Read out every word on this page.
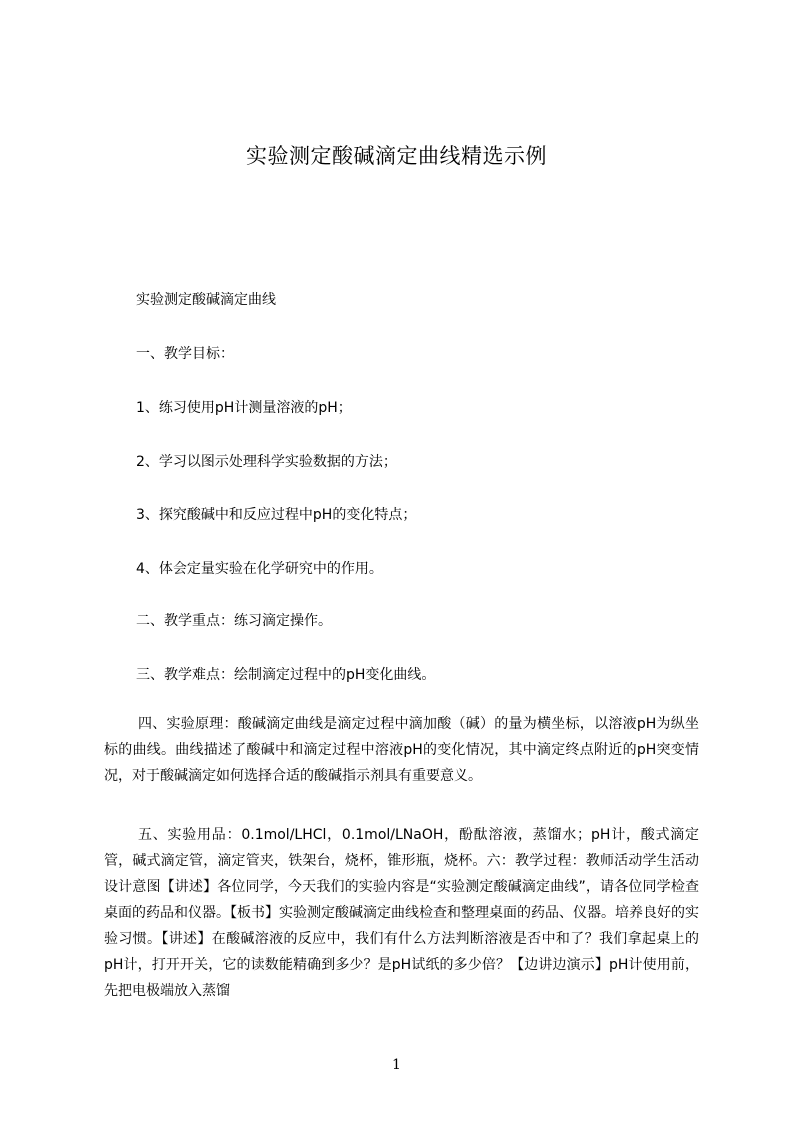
实验测定酸碱滴定曲线精选示例
实验测定酸碱滴定曲线
一、教学目标：
1、练习使用pH计测量溶液的pH；
2、学习以图示处理科学实验数据的方法；
3、探究酸碱中和反应过程中pH的变化特点；
4、体会定量实验在化学研究中的作用。
二、教学重点：练习滴定操作。
三、教学难点：绘制滴定过程中的pH变化曲线。
四、实验原理：酸碱滴定曲线是滴定过程中滴加酸（碱）的量为横坐标，以溶液pH为纵坐标的曲线。曲线描述了酸碱中和滴定过程中溶液pH的变化情况，其中滴定终点附近的pH突变情况，对于酸碱滴定如何选择合适的酸碱指示剂具有重要意义。
五、实验用品：0.1mol/LHCl，0.1mol/LNaOH，酚酞溶液，蒸馏水；pH计，酸式滴定管，碱式滴定管，滴定管夹，铁架台，烧杯，锥形瓶，烧杯。六：教学过程：教师活动学生活动设计意图【讲述】各位同学，今天我们的实验内容是“实验测定酸碱滴定曲线”，请各位同学检查桌面的药品和仪器。【板书】实验测定酸碱滴定曲线检查和整理桌面的药品、仪器。培养良好的实验习惯。【讲述】在酸碱溶液的反应中，我们有什么方法判断溶液是否中和了？我们拿起桌上的pH计，打开开关，它的读数能精确到多少？是pH试纸的多少倍？【边讲边演示】pH计使用前，先把电极端放入蒸馏
1
